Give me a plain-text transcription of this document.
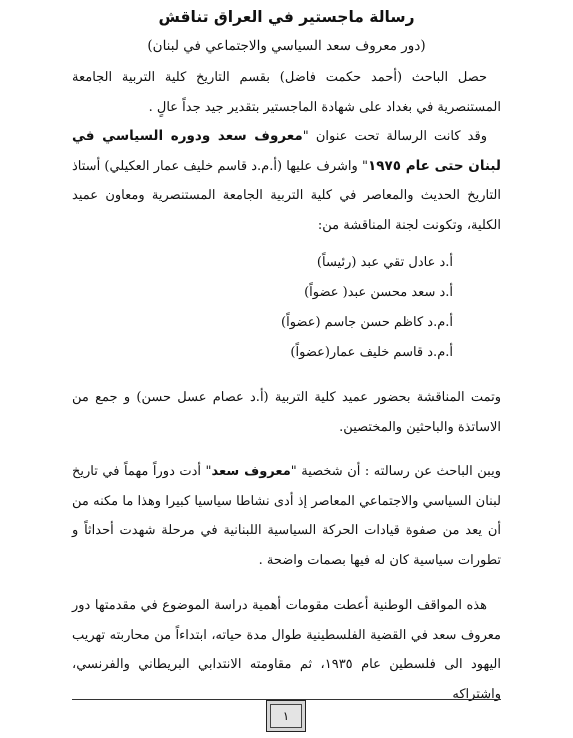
رسالة ماجستير في العراق تناقش
(دور معروف سعد السياسي والاجتماعي في لبنان)
حصل الباحث (أحمد حكمت فاضل) بقسم التاريخ كلية التربية الجامعة المستنصرية في بغداد على شهادة الماجستير بتقدير جيد جداً عالٍ .
وقد كانت الرسالة تحت عنوان "معروف سعد ودوره السياسي في لبنان حتى عام ١٩٧٥" واشرف عليها (أ.م.د قاسم خليف عمار العكيلي) أستاذ التاريخ الحديث والمعاصر في كلية التربية الجامعة المستنصرية ومعاون عميد الكلية، وتكونت لجنة المناقشة من:
أ.د عادل تقي عبد (رئيساً)
أ.د سعد محسن عبد( عضواً)
أ.م.د كاظم حسن جاسم (عضواً)
أ.م.د قاسم خليف عمار(عضواً)
وتمت المناقشة بحضور عميد كلية التربية (أ.د عصام عسل حسن) و جمع من الاساتذة والباحثين والمختصين.
ويبن الباحث عن رسالته : أن شخصية "معروف سعد" أدت دوراً مهماً في تاريخ لبنان السياسي والاجتماعي المعاصر إذ أدى نشاطا سياسيا كبيرا وهذا ما مكنه من أن يعد من صفوة قيادات الحركة السياسية اللبنانية في مرحلة شهدت أحداثاً و تطورات سياسية كان له فيها بصمات واضحة .
هذه المواقف الوطنية أعطت مقومات أهمية دراسة الموضوع في مقدمتها دور معروف سعد في القضية الفلسطينية طوال مدة حياته، ابتداءاً من محاربته تهريب اليهود الى فلسطين عام ١٩٣٥، ثم مقاومته الانتدابي البريطاني والفرنسي، واشتراكه
١
